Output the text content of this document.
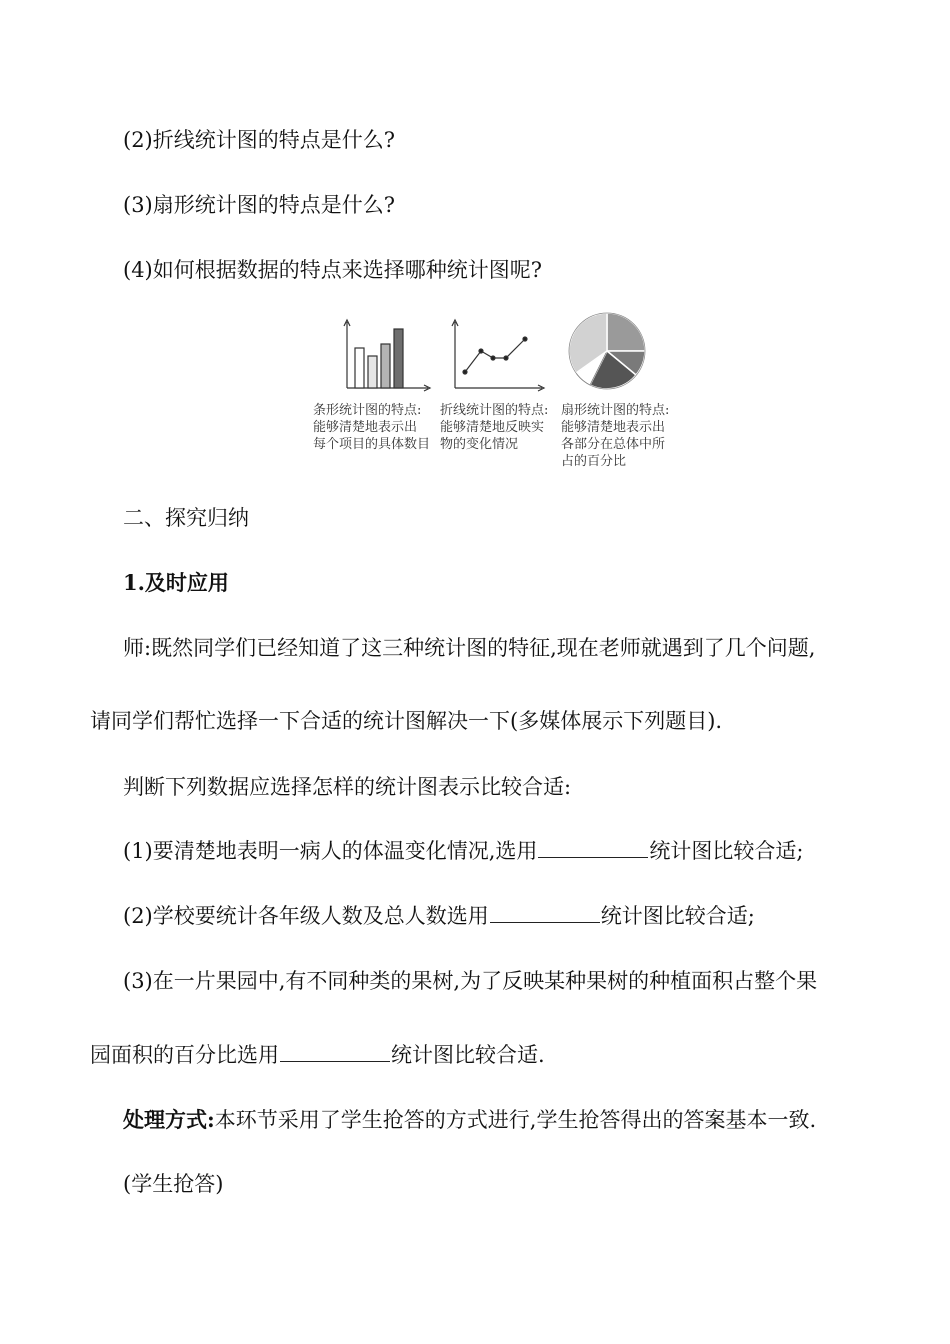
(2)折线统计图的特点是什么?
(3)扇形统计图的特点是什么?
(4)如何根据数据的特点来选择哪种统计图呢?
条形统计图的特点:
能够清楚地表示出
每个项目的具体数目
折线统计图的特点:
能够清楚地反映实
物的变化情况
扇形统计图的特点:
能够清楚地表示出
各部分在总体中所
占的百分比
二、探究归纳
1.及时应用
师:既然同学们已经知道了这三种统计图的特征,现在老师就遇到了几个问题,
请同学们帮忙选择一下合适的统计图解决一下(多媒体展示下列题目).
判断下列数据应选择怎样的统计图表示比较合适:
(1)要清楚地表明一病人的体温变化情况,选用	统计图比较合适;
(2)学校要统计各年级人数及总人数选用	统计图比较合适;
(3)在一片果园中,有不同种类的果树,为了反映某种果树的种植面积占整个果
园面积的百分比选用	统计图比较合适.
处理方式:本环节采用了学生抢答的方式进行,学生抢答得出的答案基本一致.
(学生抢答)
